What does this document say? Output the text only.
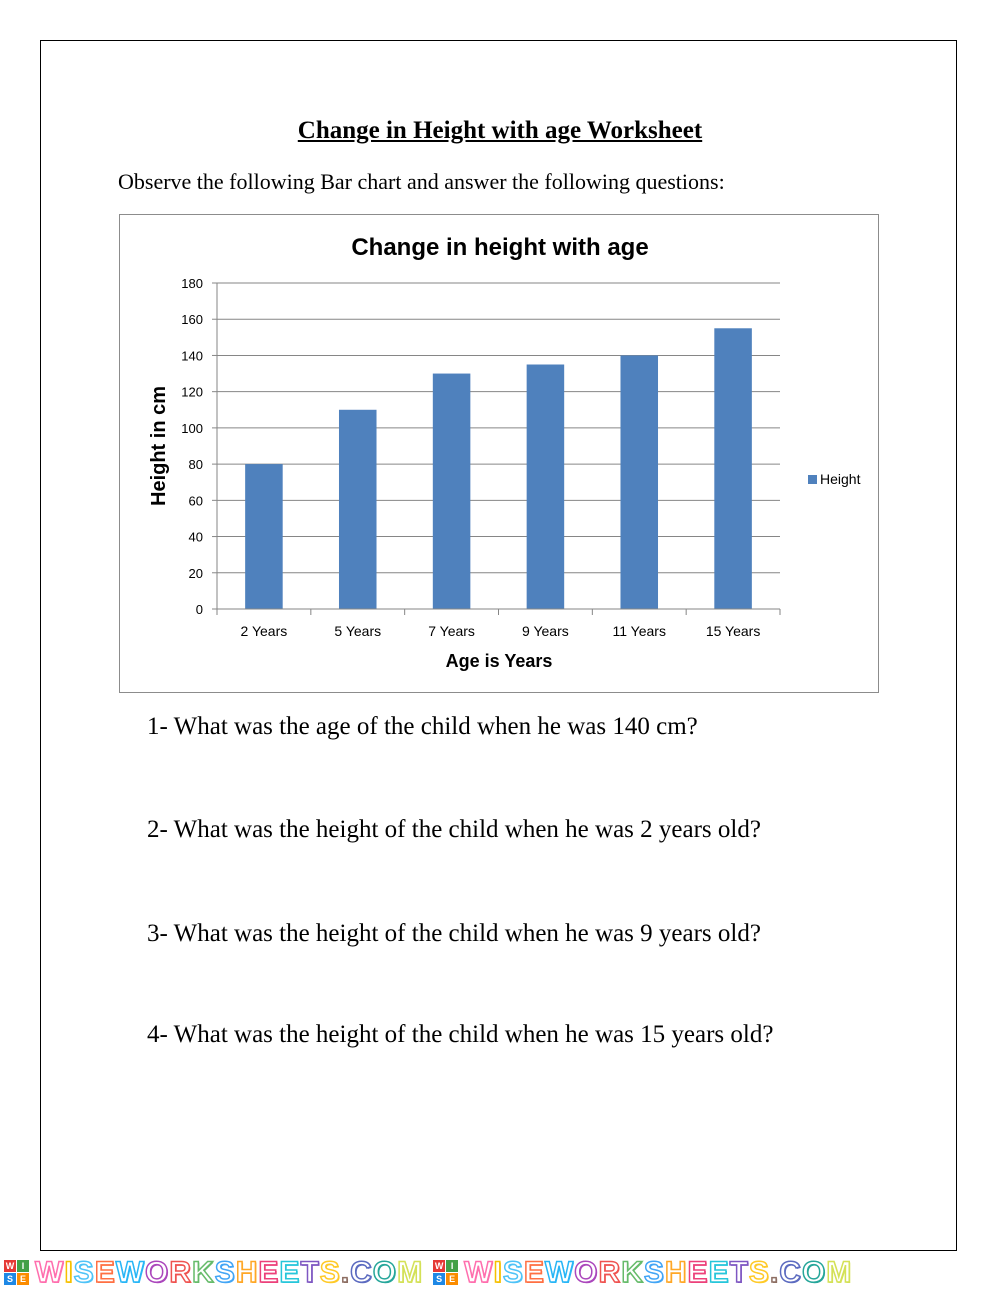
Change in Height with age Worksheet
Observe the following Bar chart and answer the following questions:
Change in height with age
Age is Years
Height in cm
0
20
40
60
80
100
120
140
160
180
2 Years	5 Years	7 Years	9 Years	11 Years	15 Years
Height
1- What was the age of the child when he was 140 cm?
2- What was the height of the child when he was 2 years old?
3- What was the height of the child when he was 9 years old?
4- What was the height of the child when he was 15 years old?
W I
S E WISEWORKSHEETS.COM W I
S E WISEWORKSHEETS.COM
